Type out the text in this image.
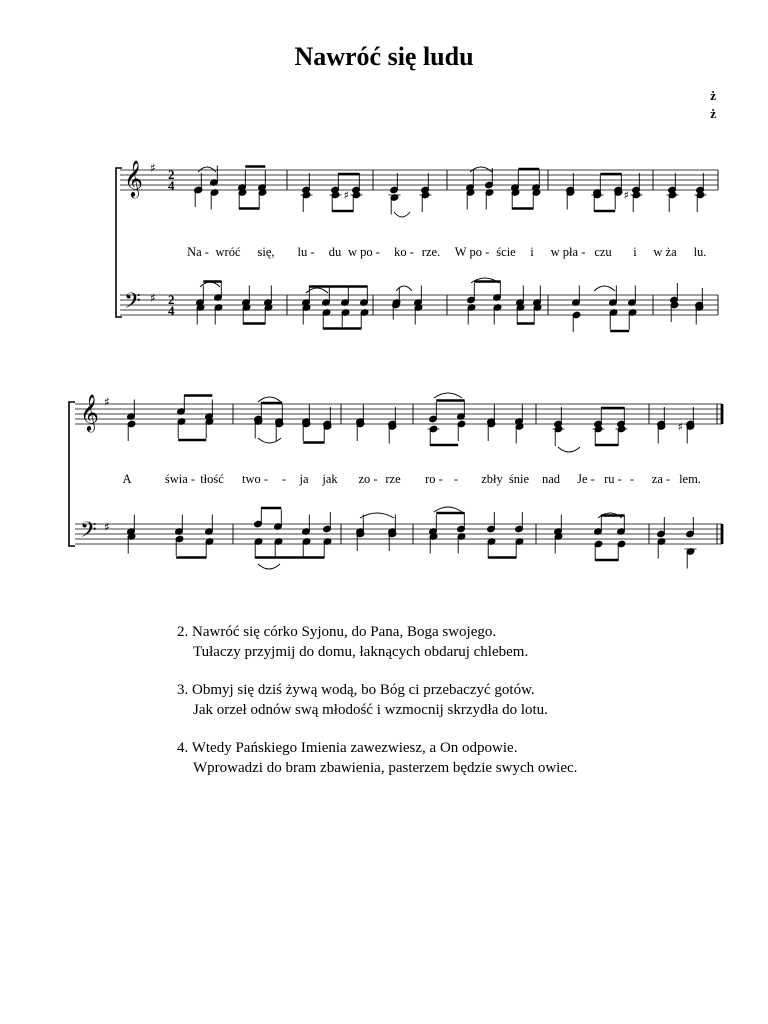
Nawróć się ludu
ż
ż
𝄞
𝄢
♯
♯
2
4
2
4
♯	♯
𝄞
𝄢
♯
♯
♯
Na - wróć się, lu - du w po - ko - rze. W po - ście i w pła - czu i w ża lu.
A	świa - tłość two - - ja jak zo - rze ro - - zbły śnie nad Je - ru - - za - lem.
2. Nawróć się córko Syjonu, do Pana, Boga swojego.
Tułaczy przyjmij do domu, łaknących obdaruj chlebem.
3. Obmyj się dziś żywą wodą, bo Bóg ci przebaczyć gotów.
Jak orzeł odnów swą młodość i wzmocnij skrzydła do lotu.
4. Wtedy Pańskiego Imienia zawezwiesz, a On odpowie.
Wprowadzi do bram zbawienia, pasterzem będzie swych owiec.
